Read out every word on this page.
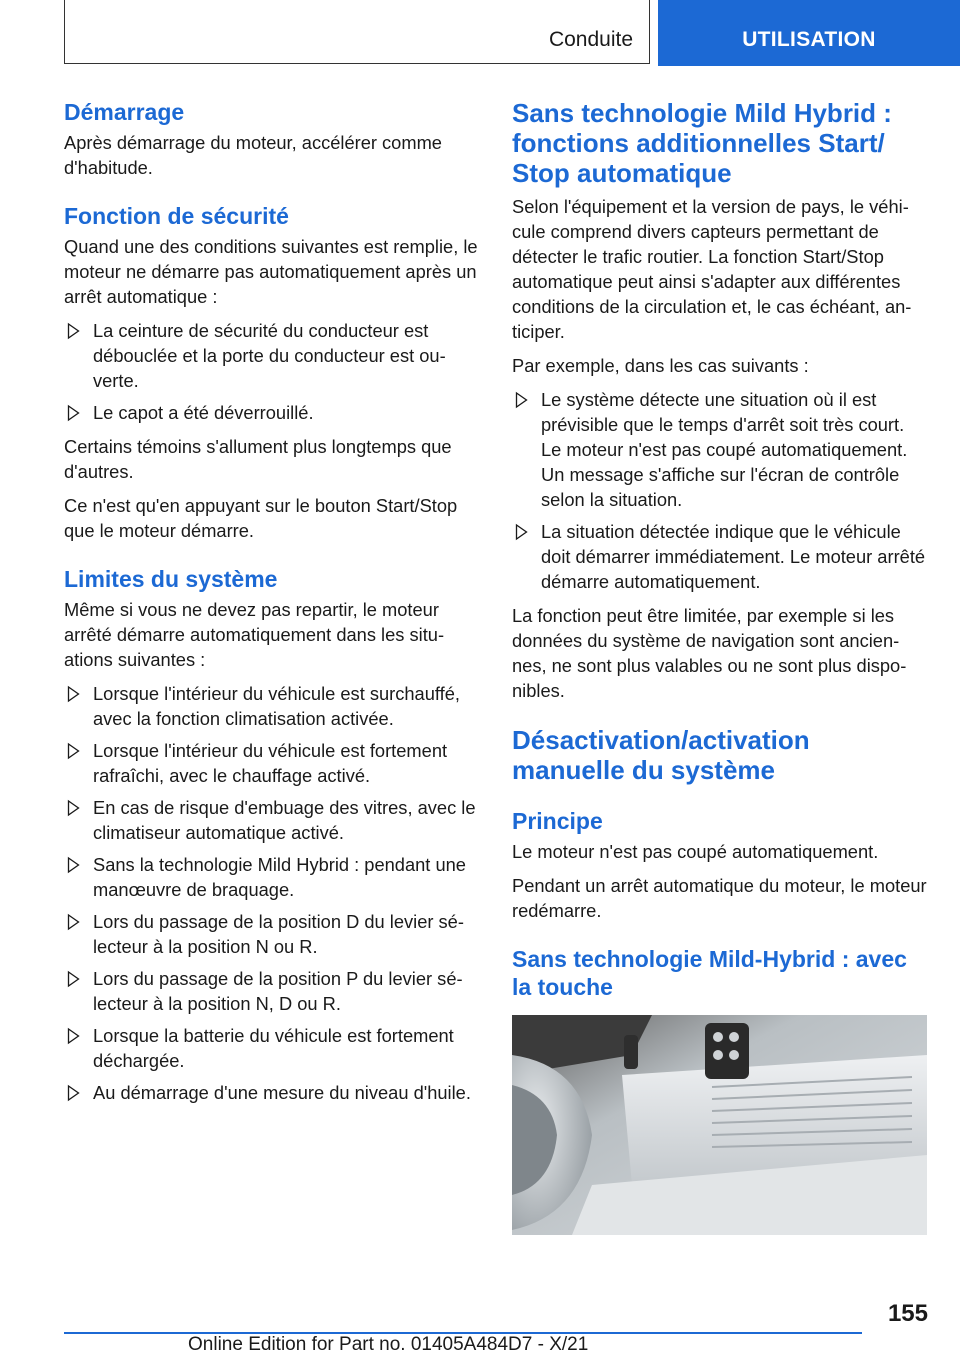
Conduite	UTILISATION
Démarrage

Après démarrage du moteur, accélérer comme d'habitude.

Fonction de sécurité

Quand une des conditions suivantes est remplie, le moteur ne démarre pas automatiquement après un arrêt automatique :

La ceinture de sécurité du conducteur est débouclée et la porte du conducteur est ouverte.
Le capot a été déverrouillé.

Certains témoins s'allument plus longtemps que d'autres.

Ce n'est qu'en appuyant sur le bouton Start/Stop que le moteur démarre.

Limites du système

Même si vous ne devez pas repartir, le moteur arrêté démarre automatiquement dans les situations suivantes :

Lorsque l'intérieur du véhicule est surchauffé, avec la fonction climatisation activée.
Lorsque l'intérieur du véhicule est fortement rafraîchi, avec le chauffage activé.
En cas de risque d'embuage des vitres, avec le climatiseur automatique activé.
Sans la technologie Mild Hybrid : pendant une manœuvre de braquage.
Lors du passage de la position D du levier sélecteur à la position N ou R.
Lors du passage de la position P du levier sélecteur à la position N, D ou R.
Lorsque la batterie du véhicule est fortement déchargée.
Au démarrage d'une mesure du niveau d'huile.
Sans technologie Mild Hybrid : fonctions additionnelles Start/ Stop automatique

Selon l'équipement et la version de pays, le véhicule comprend divers capteurs permettant de détecter le trafic routier. La fonction Start/Stop automatique peut ainsi s'adapter aux différentes conditions de la circulation et, le cas échéant, anticiper.

Par exemple, dans les cas suivants :

Le système détecte une situation où il est prévisible que le temps d'arrêt soit très court. Le moteur n'est pas coupé automatiquement. Un message s'affiche sur l'écran de contrôle selon la situation.
La situation détectée indique que le véhicule doit démarrer immédiatement. Le moteur arrêté démarre automatiquement.

La fonction peut être limitée, par exemple si les données du système de navigation sont anciennes, ne sont plus valables ou ne sont plus disponibles.

Désactivation/activation manuelle du système
Principe

Le moteur n'est pas coupé automatiquement.

Pendant un arrêt automatique du moteur, le moteur redémarre.

Sans technologie Mild-Hybrid : avec la touche
155
Online Edition for Part no. 01405A484D7 - X/21
